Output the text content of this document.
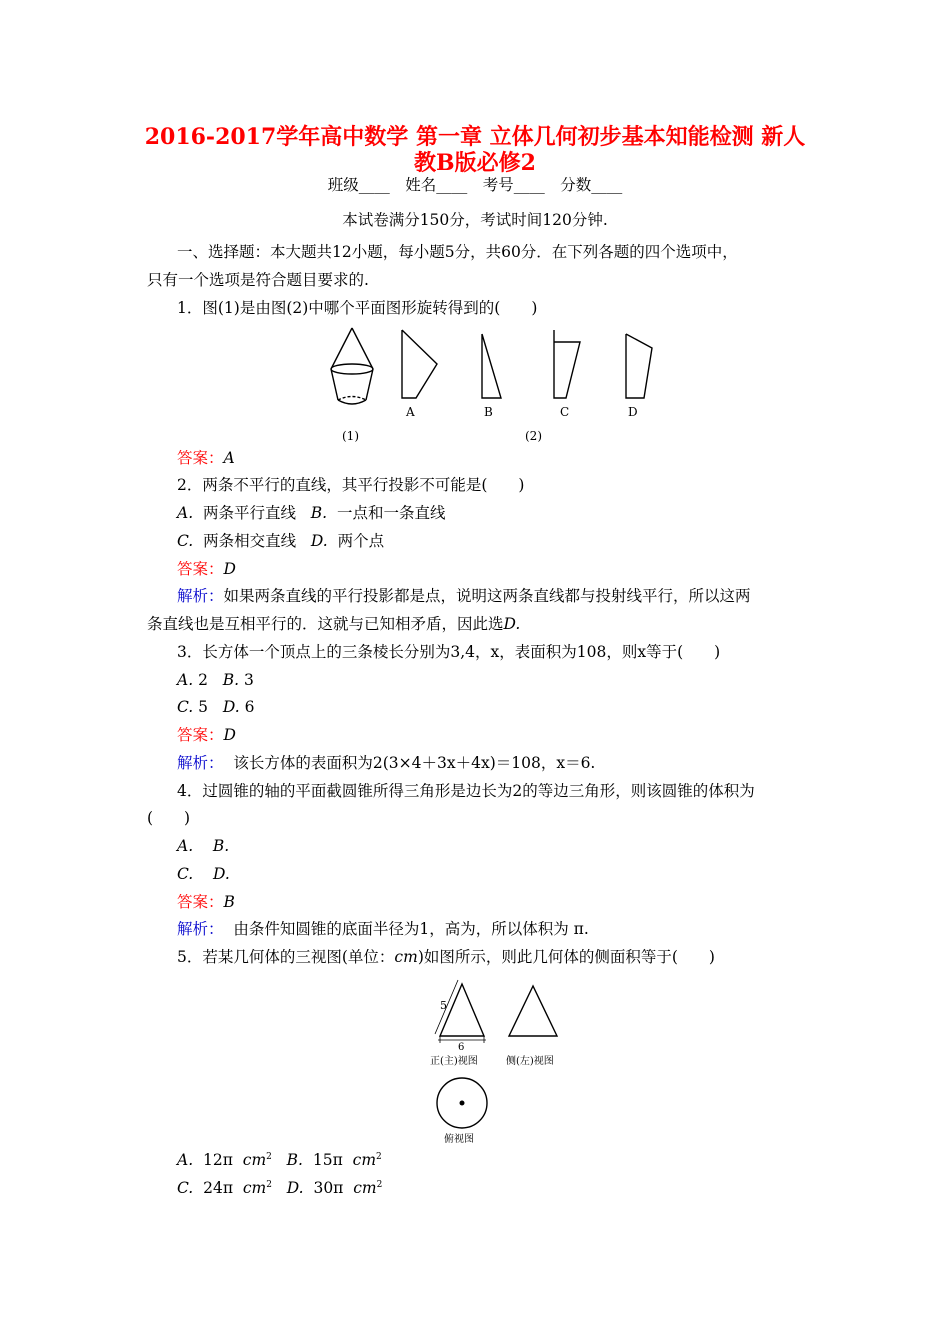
2016-2017学年高中数学 第一章 立体几何初步基本知能检测 新人
教B版必修2
班级____　姓名____　考号____　分数____
本试卷满分150分，考试时间120分钟.
一、选择题：本大题共12小题，每小题5分，共60分．在下列各题的四个选项中，
只有一个选项是符合题目要求的.
1．图(1)是由图(2)中哪个平面图形旋转得到的(　　)
A	B	C	D
(1)	(2)
答案：A
2．两条不平行的直线，其平行投影不可能是(　　)
A. 两条平行直线 B. 一点和一条直线
C. 两条相交直线 D. 两个点
答案：D
解析：如果两条直线的平行投影都是点，说明这两条直线都与投射线平行，所以这两
条直线也是互相平行的．这就与已知相矛盾，因此选D.
3．长方体一个顶点上的三条棱长分别为3,4，x，表面积为108，则x等于(　　)
A. 2 B. 3
C. 5 D. 6
答案：D
解析： 该长方体的表面积为2(3×4＋3x＋4x)＝108，x＝6.
4．过圆锥的轴的平面截圆锥所得三角形是边长为2的等边三角形，则该圆锥的体积为
(　　)
A. B.
C. D.
答案：B
解析： 由条件知圆锥的底面半径为1，高为，所以体积为 π.
5．若某几何体的三视图(单位：cm)如图所示，则此几何体的侧面积等于(　　)
5
6
正(主)视图	侧(左)视图
俯视图
A. 12π $cm^2$ B. 15π $cm^2$
C. 24π $cm^2$ D. 30π $cm^2$
